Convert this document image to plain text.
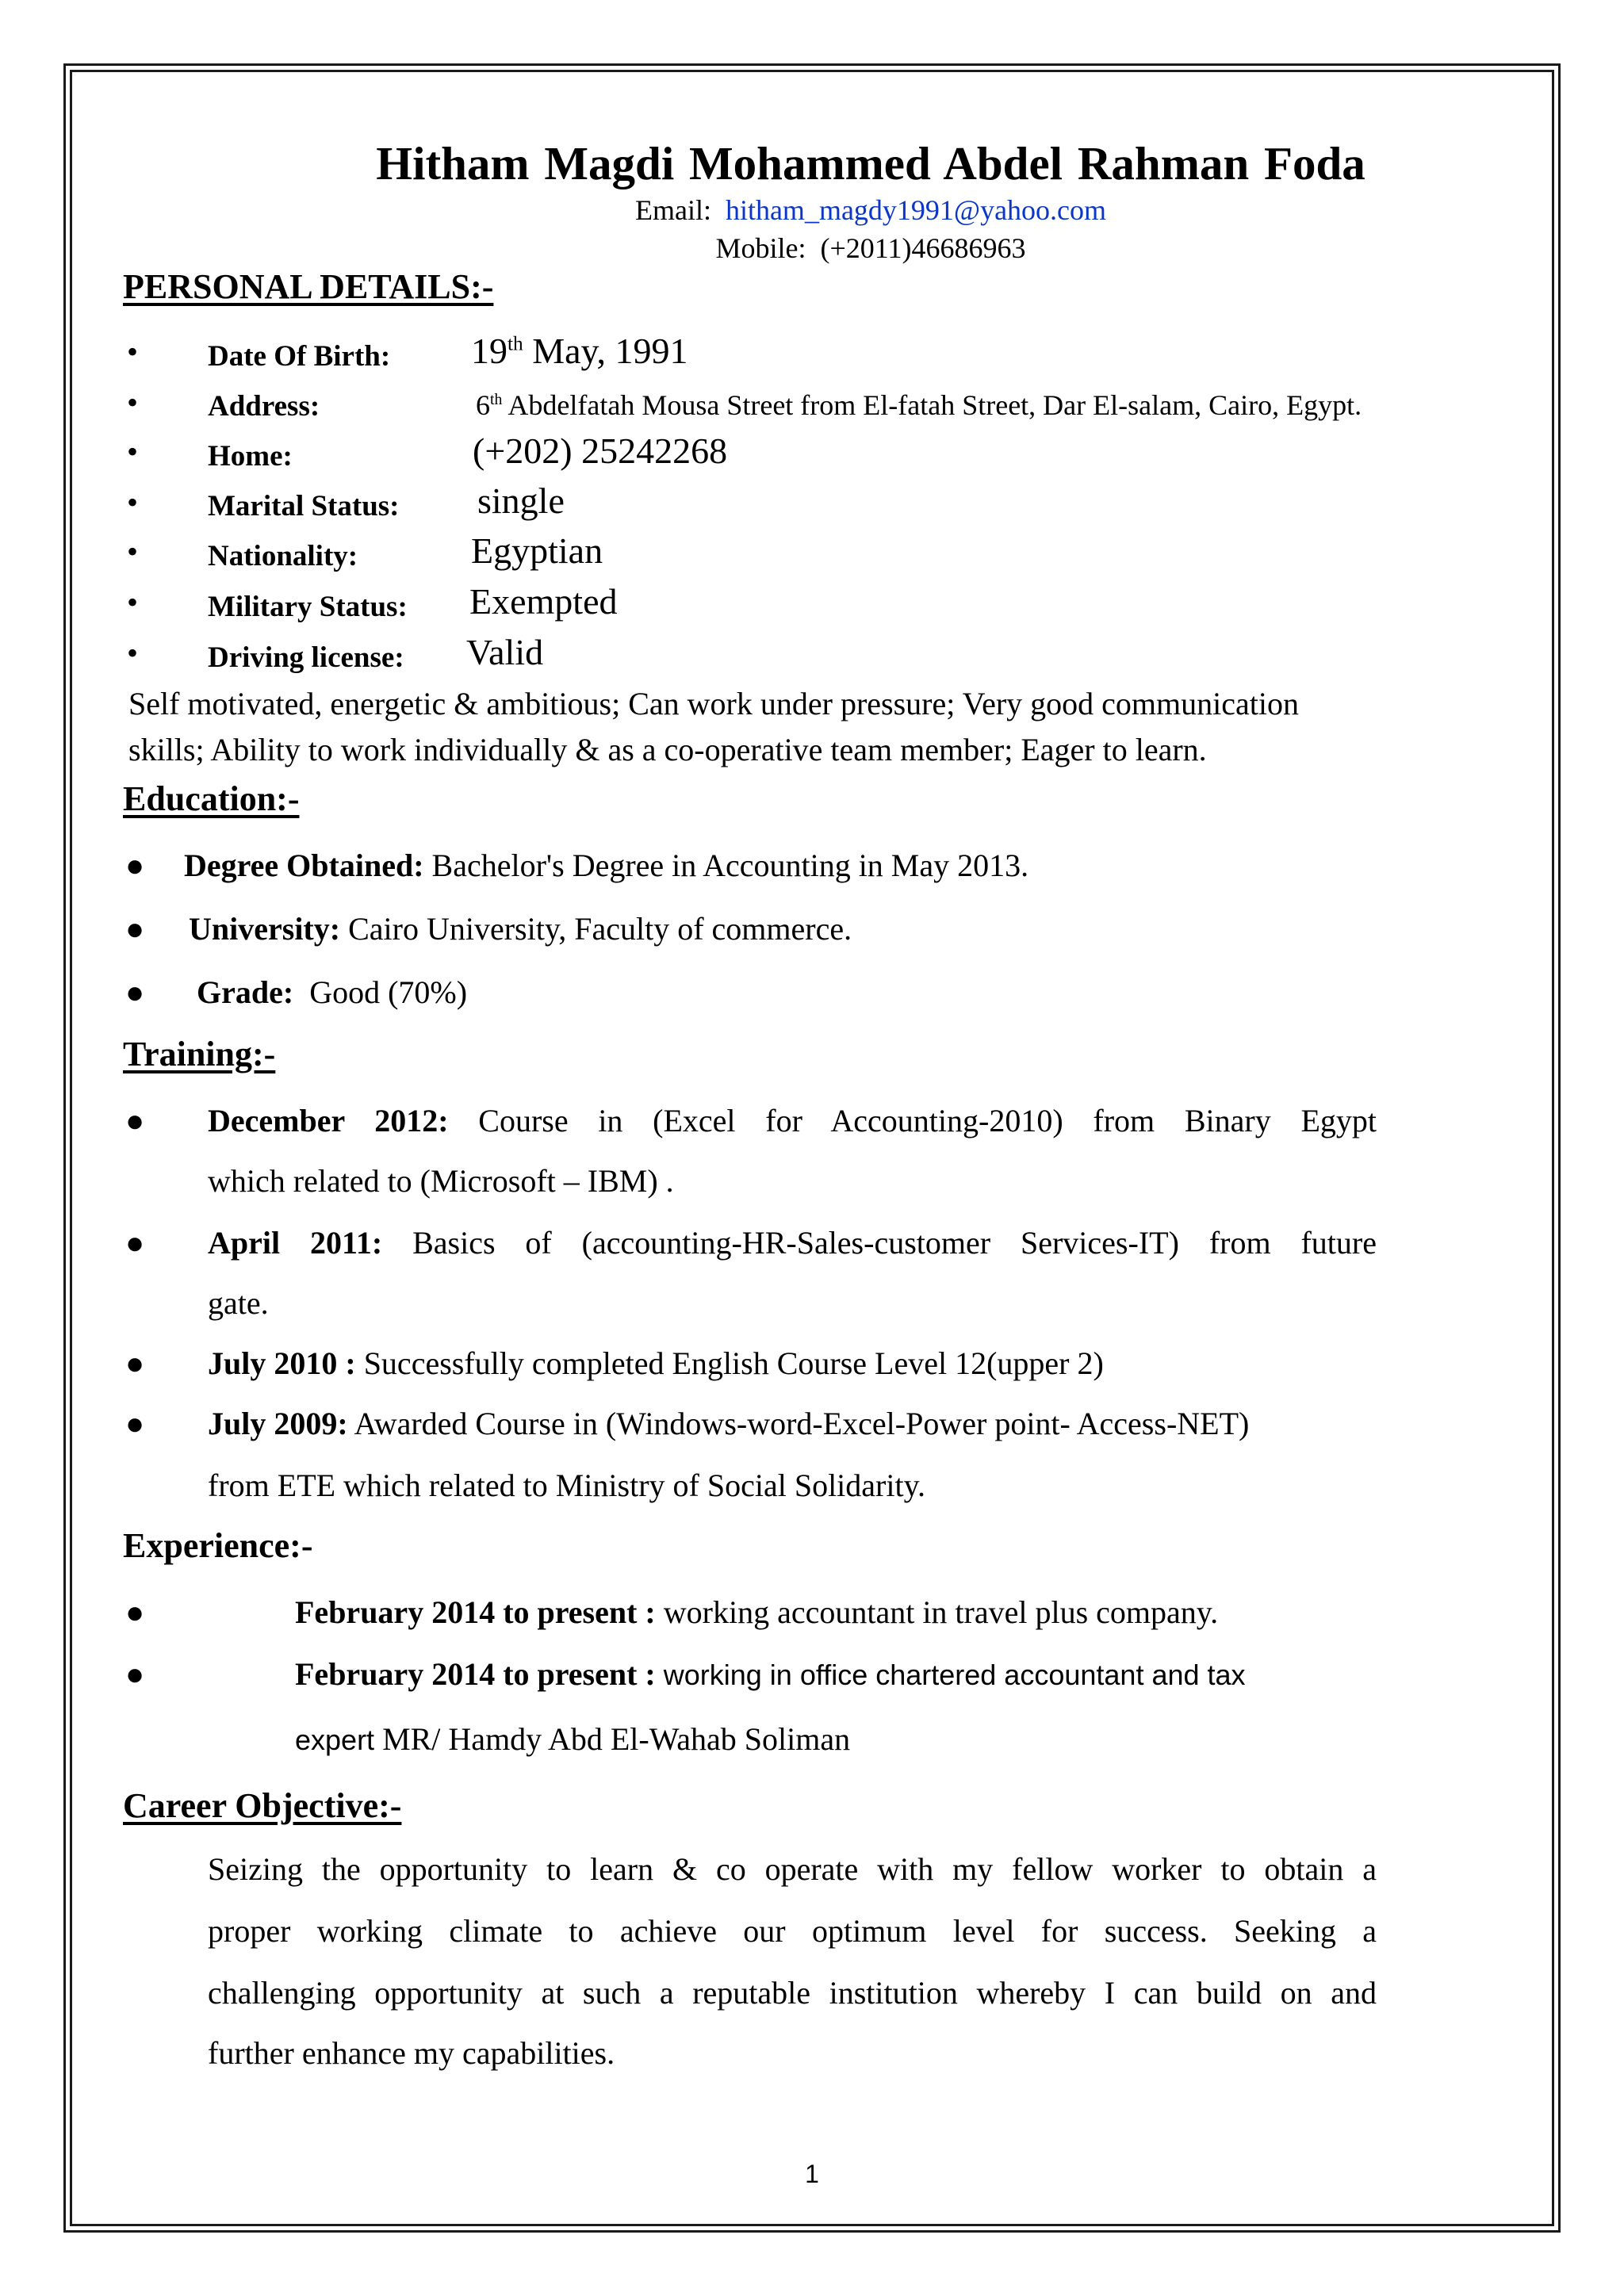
Hitham Magdi Mohammed Abdel Rahman Foda
Email: hitham_magdy1991@yahoo.com
Mobile: (+2011)46686963
PERSONAL DETAILS:-
• Date Of Birth: 19th May, 1991
• Address:	6th Abdelfatah Mousa Street from El-fatah Street, Dar El-salam, Cairo, Egypt.
• Home:	(+202) 25242268
• Marital Status: single
• Nationality:	Egyptian
• Military Status: Exempted
• Driving license: Valid
Self motivated, energetic & ambitious; Can work under pressure; Very good communication
skills; Ability to work individually & as a co-operative team member; Eager to learn.
Education:-
● Degree Obtained: Bachelor's Degree in Accounting in May 2013.
● University: Cairo University, Faculty of commerce.
● Grade: Good (70%)
Training:-
● December 2012: Course in (Excel for Accounting-2010) from Binary Egypt
which related to (Microsoft – IBM) .
● April 2011: Basics of (accounting-HR-Sales-customer Services-IT) from future
gate.
● July 2010 : Successfully completed English Course Level 12(upper 2)
● July 2009: Awarded Course in (Windows-word-Excel-Power point- Access-NET)
from ETE which related to Ministry of Social Solidarity.
Experience:-
●	February 2014 to present : working accountant in travel plus company.
●	February 2014 to present : working in office chartered accountant and tax
expert MR/ Hamdy Abd El-Wahab Soliman
Career Objective:-
Seizing the opportunity to learn & co operate with my fellow worker to obtain a
proper working climate to achieve our optimum level for success. Seeking a
challenging opportunity at such a reputable institution whereby I can build on and
further enhance my capabilities.
1
